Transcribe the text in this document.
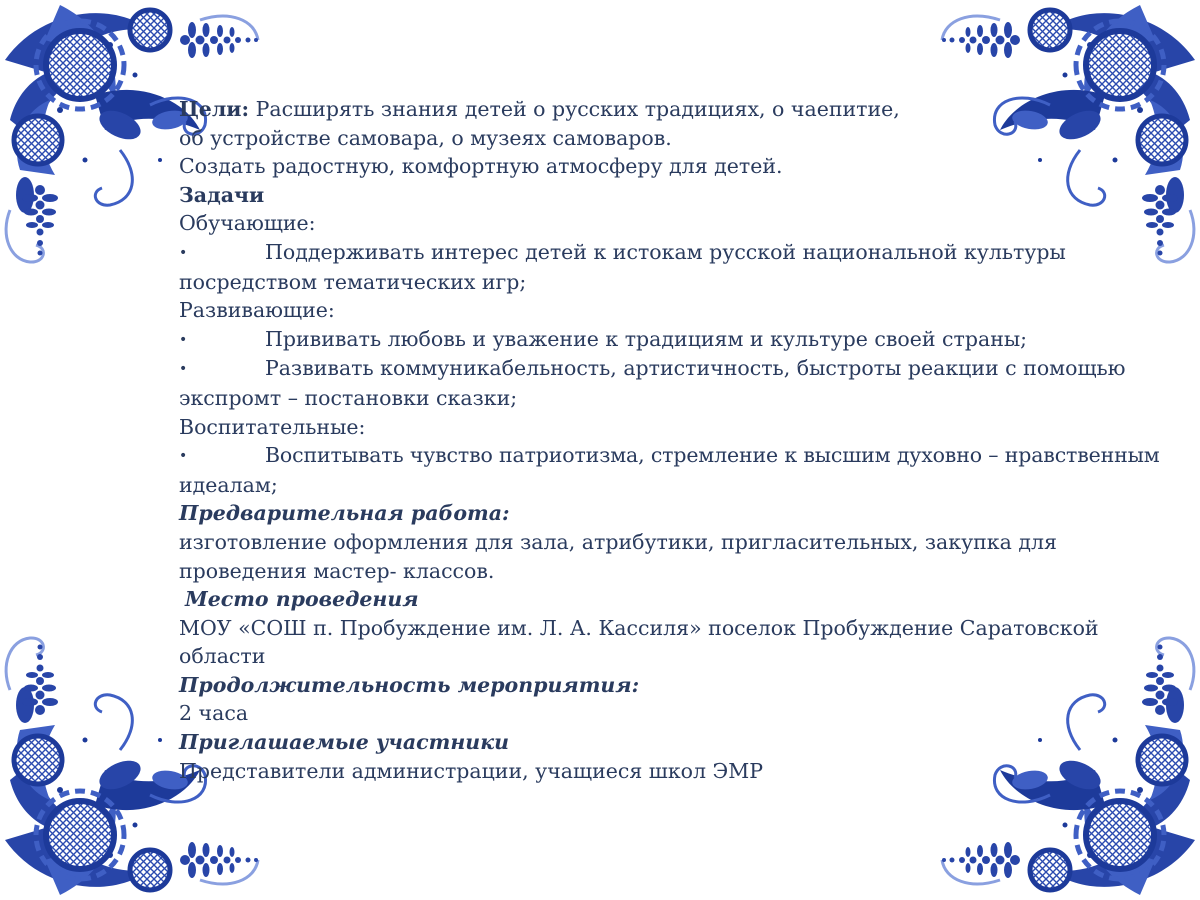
Цели: Расширять знания детей о русских традициях, о чаепитие,

об устройстве самовара, о музеях самоваров.

Создать радостную, комфортную атмосферу для детей.

Задачи

Обучающие:

•	Поддерживать интерес детей к истокам русской национальной культуры

посредством тематических игр;

Развивающие:

•	Прививать любовь и уважение к традициям и культуре своей страны;

•	Развивать коммуникабельность, артистичность, быстроты реакции с помощью

экспромт – постановки сказки;

Воспитательные:

•	Воспитывать чувство патриотизма, стремление к высшим духовно – нравственным

идеалам;

Предварительная работа:

изготовление оформления для зала, атрибутики, пригласительных, закупка для

проведения мастер- классов.

Место проведения

МОУ «СОШ п. Пробуждение им. Л. А. Кассиля» поселок Пробуждение Саратовской

области

Продолжительность мероприятия:

2 часа

Приглашаемые участники

Представители администрации, учащиеся школ ЭМР
